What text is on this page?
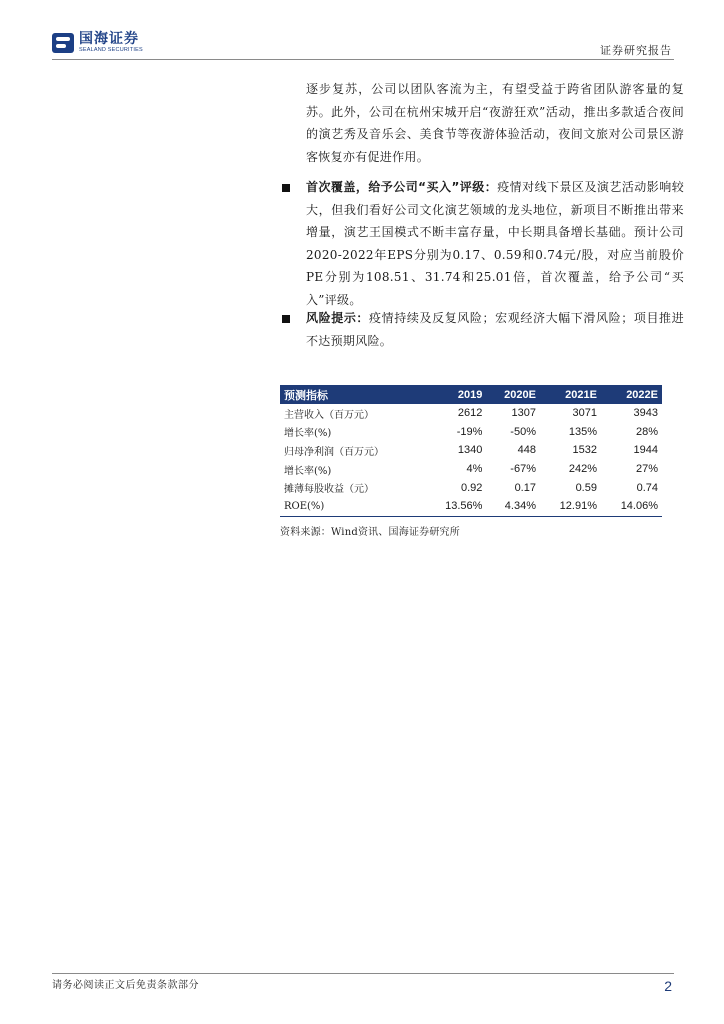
国海证券
SEALAND SECURITIES	证券研究报告
逐步复苏，公司以团队客流为主，有望受益于跨省团队游客量的复苏。此外，公司在杭州宋城开启“夜游狂欢”活动，推出多款适合夜间的演艺秀及音乐会、美食节等夜游体验活动，夜间文旅对公司景区游客恢复亦有促进作用。
首次覆盖，给予公司“买入”评级：疫情对线下景区及演艺活动影响较大，但我们看好公司文化演艺领域的龙头地位，新项目不断推出带来增量，演艺王国模式不断丰富存量，中长期具备增长基础。预计公司2020-2022年EPS分别为0.17、0.59和0.74元/股，对应当前股价PE分别为108.51、31.74和25.01倍，首次覆盖，给予公司“买入”评级。
风险提示：疫情持续及反复风险；宏观经济大幅下滑风险；项目推进不达预期风险。
预测指标	2019	2020E	2021E	2022E
主营收入（百万元）	2612	1307	3071	3943
增长率(%)	-19%	-50%	135%	28%
归母净利润（百万元）	1340	448	1532	1944
增长率(%)	4%	-67%	242%	27%
摊薄每股收益（元）	0.92	0.17	0.59	0.74
ROE(%)	13.56%	4.34%	12.91%	14.06%
资料来源：Wind资讯、国海证券研究所
请务必阅读正文后免责条款部分	2
